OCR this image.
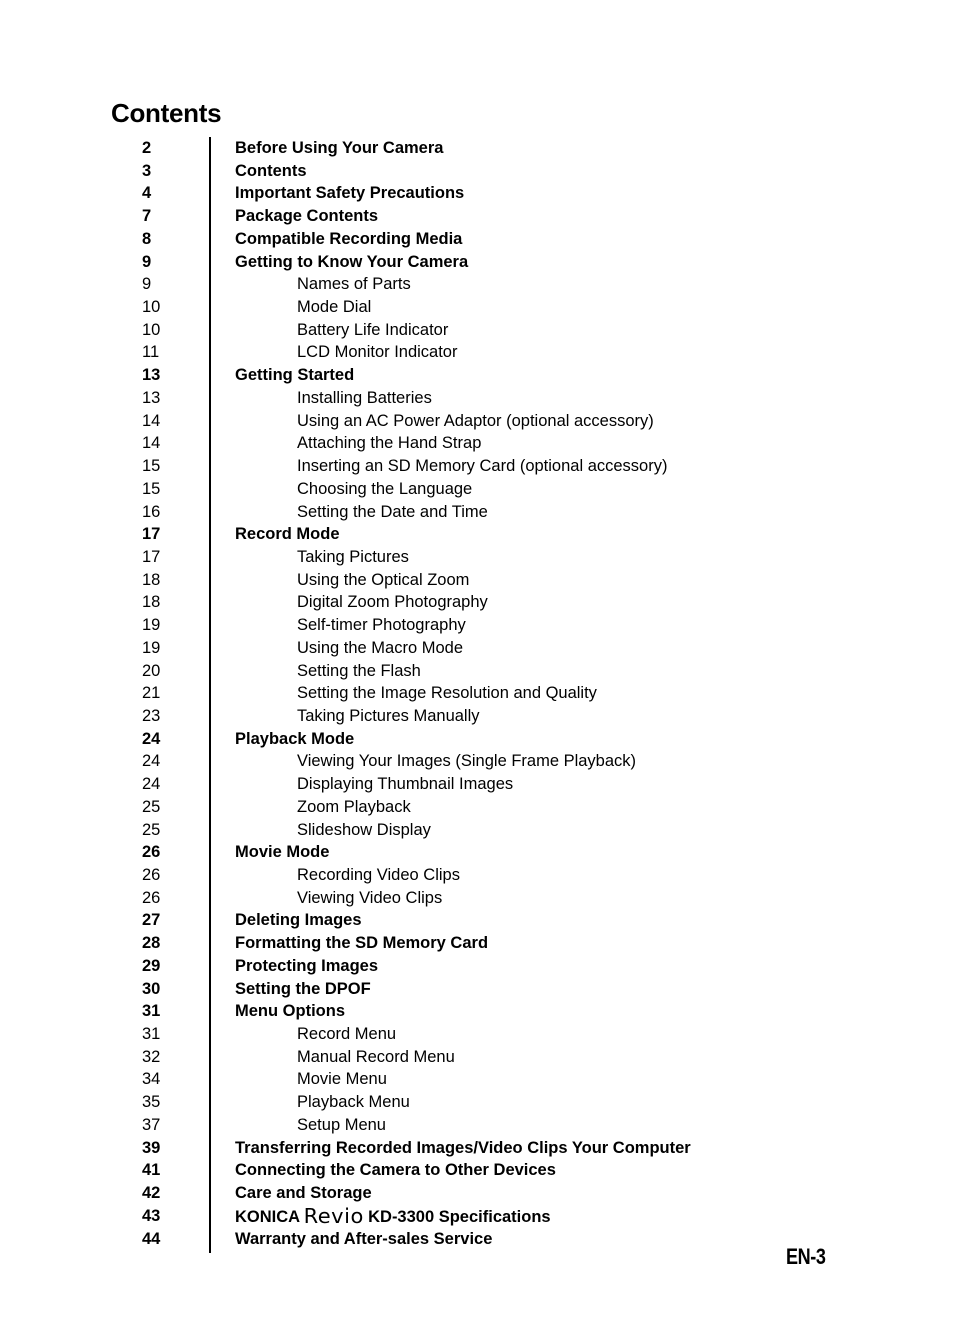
Contents
2	Before Using Your Camera
3	Contents
4	Important Safety Precautions
7	Package Contents
8	Compatible Recording Media
9	Getting to Know Your Camera
9	Names of Parts
10	Mode Dial
10	Battery Life Indicator
11	LCD Monitor Indicator
13	Getting Started
13	Installing Batteries
14	Using an AC Power Adaptor (optional accessory)
14	Attaching the Hand Strap
15	Inserting an SD Memory Card (optional accessory)
15	Choosing the Language
16	Setting the Date and Time
17	Record Mode
17	Taking Pictures
18	Using the Optical Zoom
18	Digital Zoom Photography
19	Self-timer Photography
19	Using the Macro Mode
20	Setting the Flash
21	Setting the Image Resolution and Quality
23	Taking Pictures Manually
24	Playback Mode
24	Viewing Your Images (Single Frame Playback)
24	Displaying Thumbnail Images
25	Zoom Playback
25	Slideshow Display
26	Movie Mode
26	Recording Video Clips
26	Viewing Video Clips
27	Deleting Images
28	Formatting the SD Memory Card
29	Protecting Images
30	Setting the DPOF
31	Menu Options
31	Record Menu
32	Manual Record Menu
34	Movie Menu
35	Playback Menu
37	Setup Menu
39	Transferring Recorded Images/Video Clips Your Computer
41	Connecting the Camera to Other Devices
42	Care and Storage
43	KONICA Revio KD-3300 Specifications
44	Warranty and After-sales Service
EN-3
